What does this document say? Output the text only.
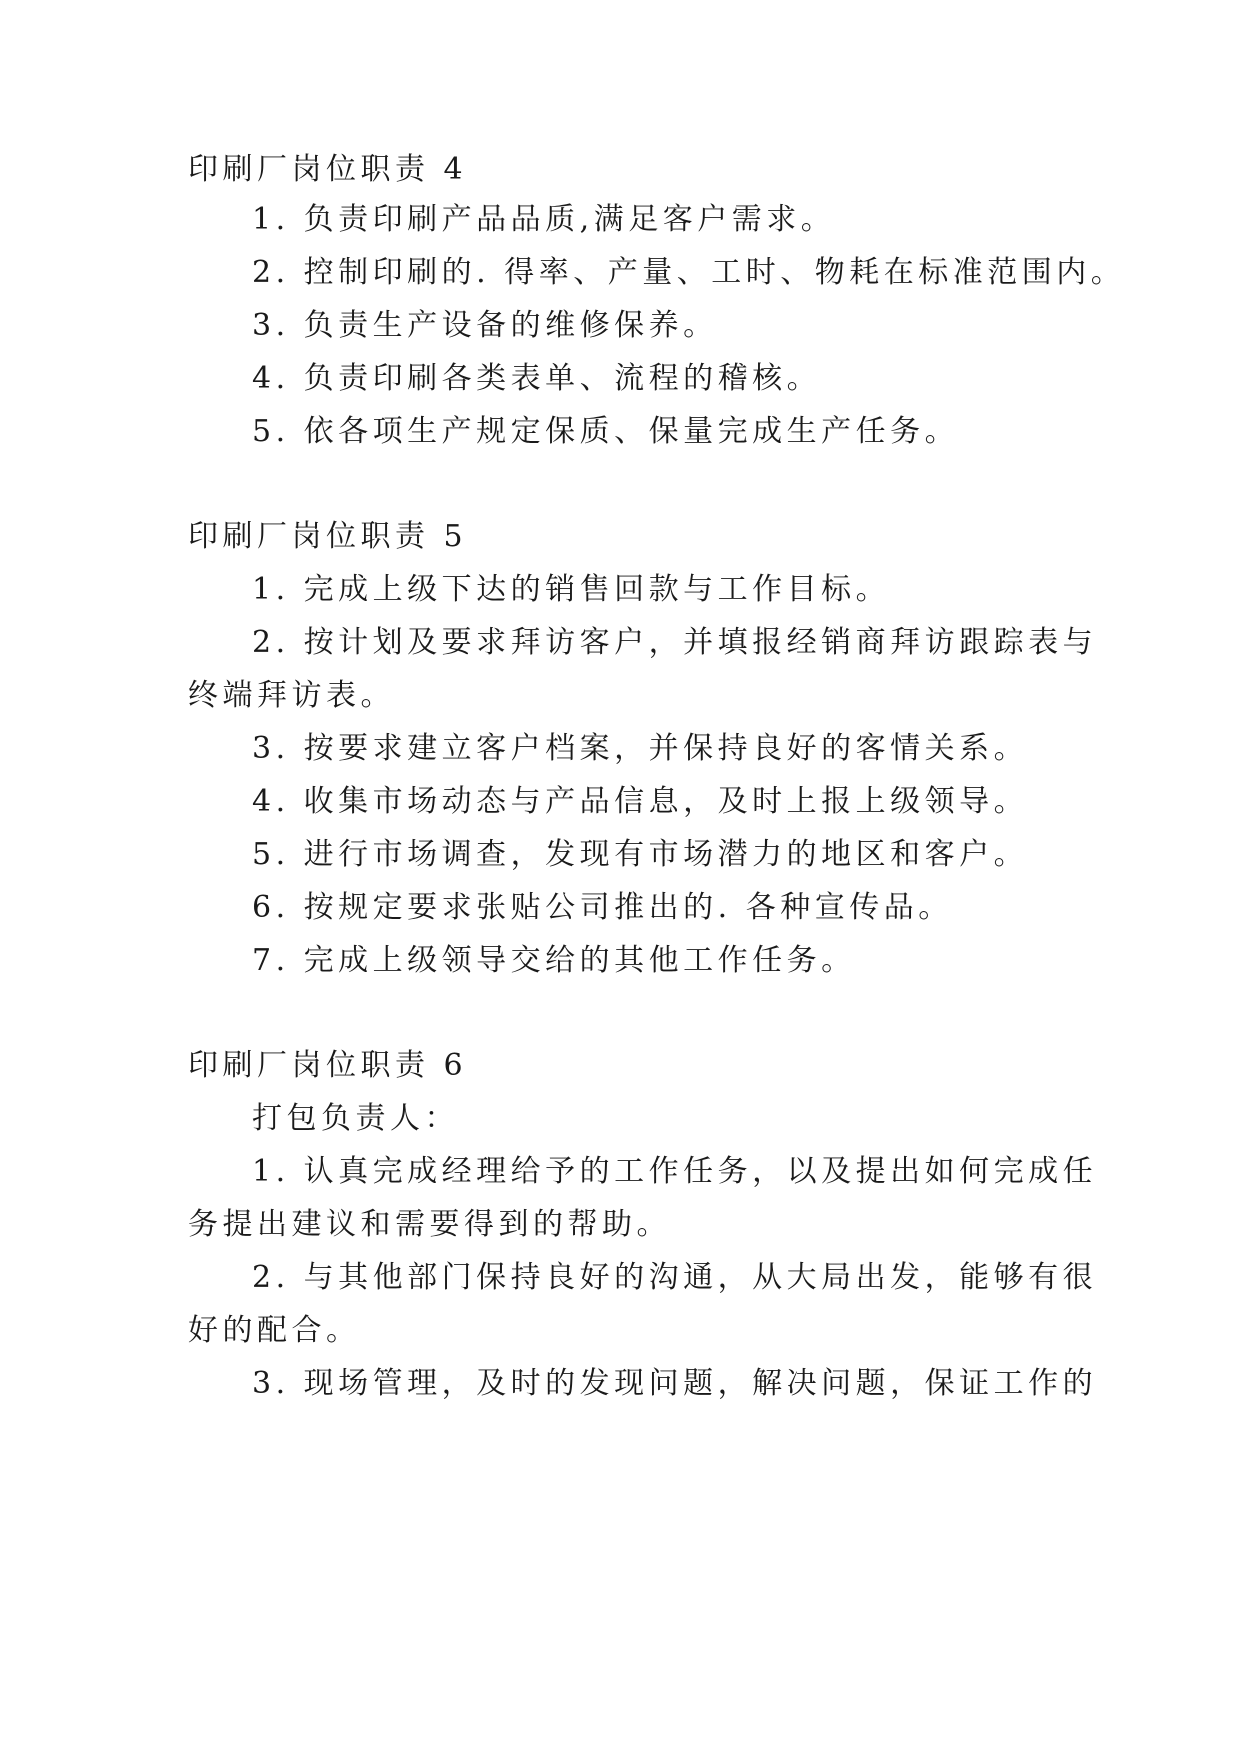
印刷厂岗位职责 4
1. 负责印刷产品品质,满足客户需求。
2. 控制印刷的. 得率、产量、工时、物耗在标准范围内。
3. 负责生产设备的维修保养。
4. 负责印刷各类表单、流程的稽核。
5. 依各项生产规定保质、保量完成生产任务。
印刷厂岗位职责 5
1. 完成上级下达的销售回款与工作目标。
2. 按计划及要求拜访客户，并填报经销商拜访跟踪表与
终端拜访表。
3. 按要求建立客户档案，并保持良好的客情关系。
4. 收集市场动态与产品信息，及时上报上级领导。
5. 进行市场调查，发现有市场潜力的地区和客户。
6. 按规定要求张贴公司推出的. 各种宣传品。
7. 完成上级领导交给的其他工作任务。
印刷厂岗位职责 6
打包负责人：
1. 认真完成经理给予的工作任务，以及提出如何完成任
务提出建议和需要得到的帮助。
2. 与其他部门保持良好的沟通，从大局出发，能够有很
好的配合。
3. 现场管理，及时的发现问题，解决问题，保证工作的
